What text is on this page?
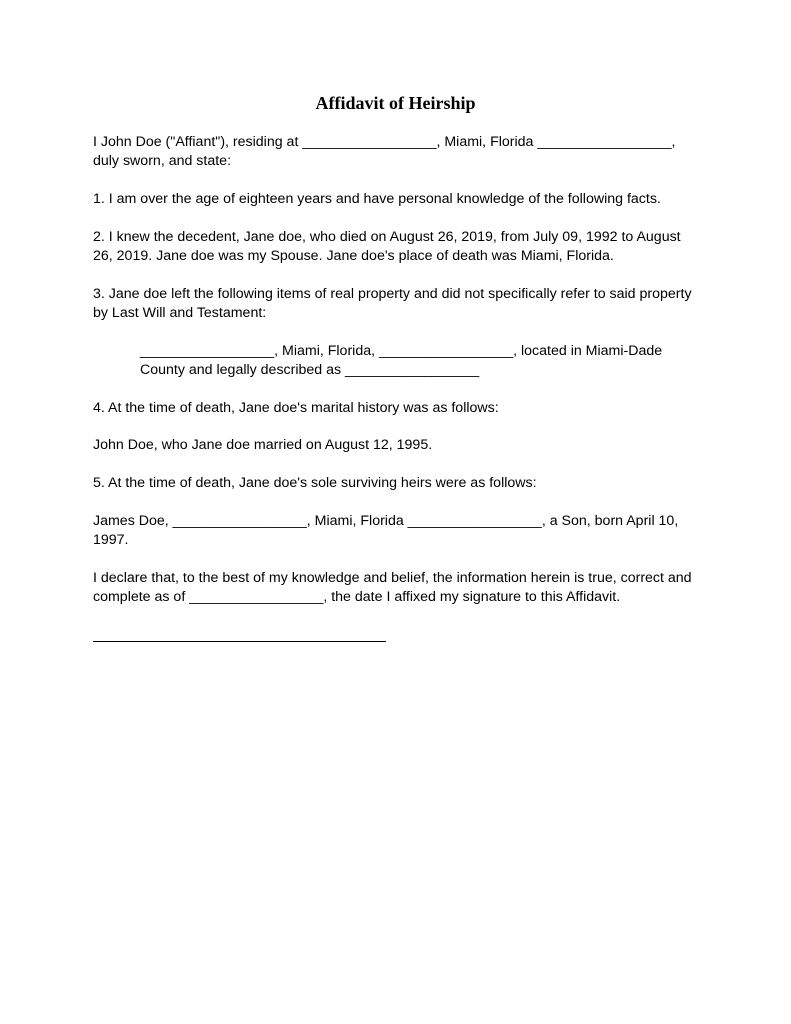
Affidavit of Heirship
I John Doe ("Affiant"), residing at _________________, Miami, Florida _________________, duly sworn, and state:
1. I am over the age of eighteen years and have personal knowledge of the following facts.
2. I knew the decedent, Jane doe, who died on August 26, 2019, from July 09, 1992 to August 26, 2019. Jane doe was my Spouse. Jane doe's place of death was Miami, Florida.
3. Jane doe left the following items of real property and did not specifically refer to said property by Last Will and Testament:
_________________, Miami, Florida, _________________, located in Miami-Dade County and legally described as _________________
4. At the time of death, Jane doe's marital history was as follows:
John Doe, who Jane doe married on August 12, 1995.
5. At the time of death, Jane doe's sole surviving heirs were as follows:
James Doe, _________________, Miami, Florida _________________, a Son, born April 10, 1997.
I declare that, to the best of my knowledge and belief, the information herein is true, correct and complete as of _________________, the date I affixed my signature to this Affidavit.
